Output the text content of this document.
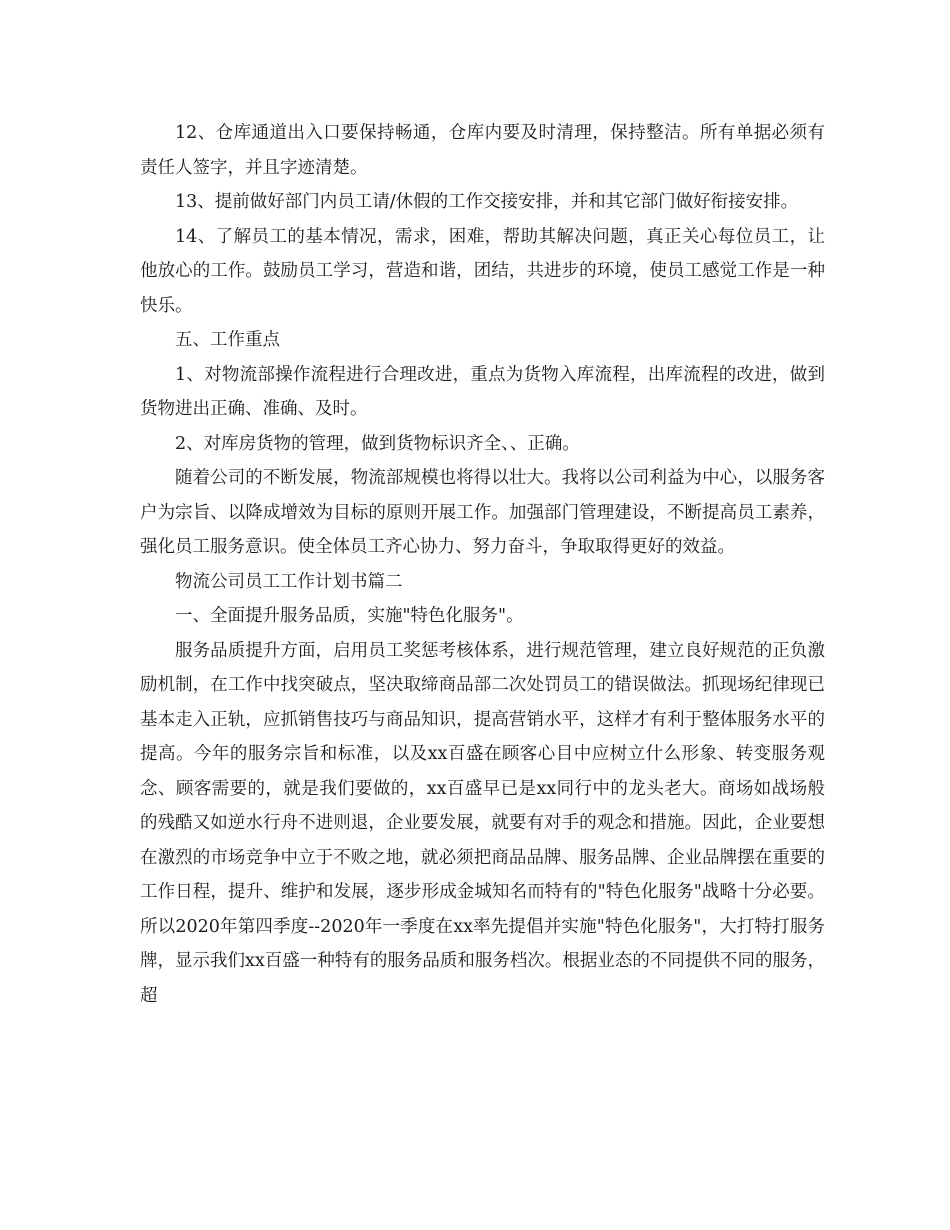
12、仓库通道出入口要保持畅通，仓库内要及时清理，保持整洁。所有单据必须有责任人签字，并且字迹清楚。

13、提前做好部门内员工请/休假的工作交接安排，并和其它部门做好衔接安排。

14、了解员工的基本情况，需求，困难，帮助其解决问题，真正关心每位员工，让他放心的工作。鼓励员工学习，营造和谐，团结，共进步的环境，使员工感觉工作是一种快乐。

五、工作重点

1、对物流部操作流程进行合理改进，重点为货物入库流程，出库流程的改进，做到货物进出正确、准确、及时。

2、对库房货物的管理，做到货物标识齐全、、正确。

随着公司的不断发展，物流部规模也将得以壮大。我将以公司利益为中心，以服务客户为宗旨、以降成增效为目标的原则开展工作。加强部门管理建设，不断提高员工素养，强化员工服务意识。使全体员工齐心协力、努力奋斗，争取取得更好的效益。

物流公司员工工作计划书篇二

一、全面提升服务品质，实施"特色化服务"。

服务品质提升方面，启用员工奖惩考核体系，进行规范管理，建立良好规范的正负激励机制，在工作中找突破点，坚决取缔商品部二次处罚员工的错误做法。抓现场纪律现已基本走入正轨，应抓销售技巧与商品知识，提高营销水平，这样才有利于整体服务水平的提高。今年的服务宗旨和标准，以及xx百盛在顾客心目中应树立什么形象、转变服务观念、顾客需要的，就是我们要做的，xx百盛早已是xx同行中的龙头老大。商场如战场般的残酷又如逆水行舟不进则退，企业要发展，就要有对手的观念和措施。因此，企业要想在激烈的市场竞争中立于不败之地，就必须把商品品牌、服务品牌、企业品牌摆在重要的工作日程，提升、维护和发展，逐步形成金城知名而特有的"特色化服务"战略十分必要。所以2020年第四季度--2020年一季度在xx率先提倡并实施"特色化服务"，大打特打服务牌，显示我们xx百盛一种特有的服务品质和服务档次。根据业态的不同提供不同的服务，超
